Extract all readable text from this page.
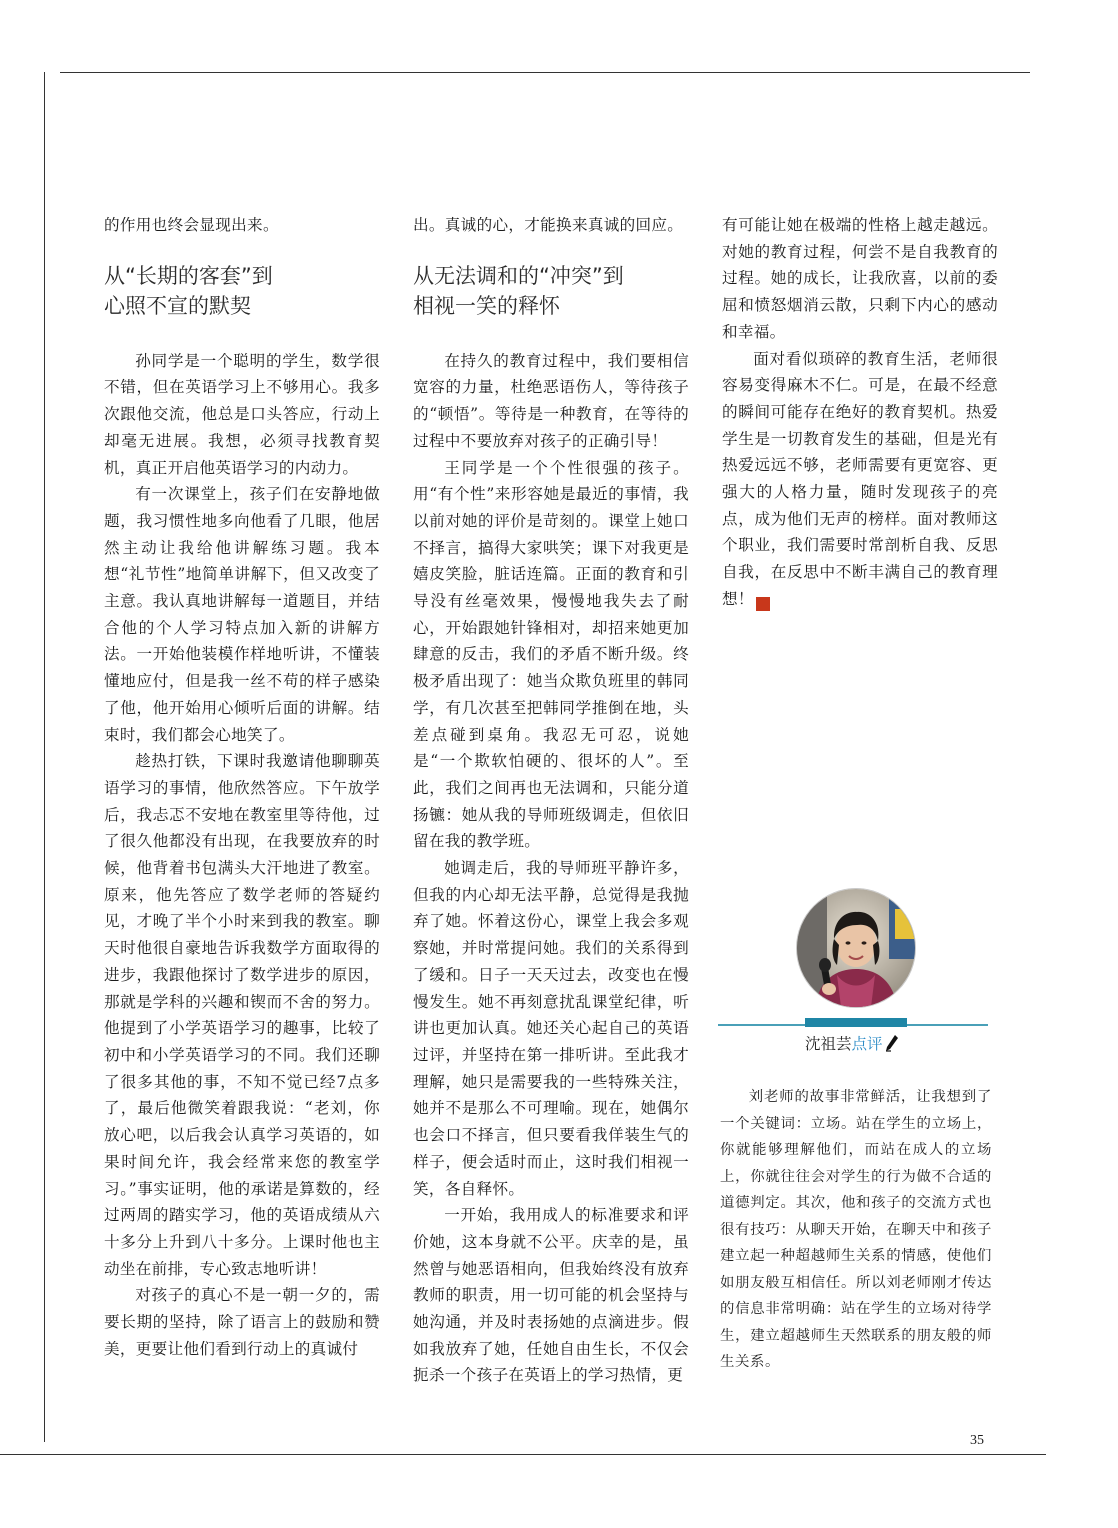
的作用也终会显现出来。

从“长期的客套”到
心照不宣的默契

孙同学是一个聪明的学生，数学很不错，但在英语学习上不够用心。我多次跟他交流，他总是口头答应，行动上却毫无进展。我想，必须寻找教育契机，真正开启他英语学习的内动力。

有一次课堂上，孩子们在安静地做题，我习惯性地多向他看了几眼，他居然主动让我给他讲解练习题。我本想“礼节性”地简单讲解下，但又改变了主意。我认真地讲解每一道题目，并结合他的个人学习特点加入新的讲解方法。一开始他装模作样地听讲，不懂装懂地应付，但是我一丝不苟的样子感染了他，他开始用心倾听后面的讲解。结束时，我们都会心地笑了。

趁热打铁，下课时我邀请他聊聊英语学习的事情，他欣然答应。下午放学后，我忐忑不安地在教室里等待他，过了很久他都没有出现，在我要放弃的时候，他背着书包满头大汗地进了教室。原来，他先答应了数学老师的答疑约见，才晚了半个小时来到我的教室。聊天时他很自豪地告诉我数学方面取得的进步，我跟他探讨了数学进步的原因，那就是学科的兴趣和锲而不舍的努力。他提到了小学英语学习的趣事，比较了初中和小学英语学习的不同。我们还聊了很多其他的事，不知不觉已经7点多了，最后他微笑着跟我说：“老刘，你放心吧，以后我会认真学习英语的，如果时间允许，我会经常来您的教室学习。”事实证明，他的承诺是算数的，经过两周的踏实学习，他的英语成绩从六十多分上升到八十多分。上课时他也主动坐在前排，专心致志地听讲！

对孩子的真心不是一朝一夕的，需要长期的坚持，除了语言上的鼓励和赞美，更要让他们看到行动上的真诚付

出。真诚的心，才能换来真诚的回应。

从无法调和的“冲突”到
相视一笑的释怀

在持久的教育过程中，我们要相信宽容的力量，杜绝恶语伤人，等待孩子的“顿悟”。等待是一种教育，在等待的过程中不要放弃对孩子的正确引导！

王同学是一个个性很强的孩子。用“有个性”来形容她是最近的事情，我以前对她的评价是苛刻的。课堂上她口不择言，搞得大家哄笑；课下对我更是嬉皮笑脸，脏话连篇。正面的教育和引导没有丝毫效果，慢慢地我失去了耐心，开始跟她针锋相对，却招来她更加肆意的反击，我们的矛盾不断升级。终极矛盾出现了：她当众欺负班里的韩同学，有几次甚至把韩同学推倒在地，头差点碰到桌角。我忍无可忍，说她是“一个欺软怕硬的、很坏的人”。至此，我们之间再也无法调和，只能分道扬镳：她从我的导师班级调走，但依旧留在我的教学班。

她调走后，我的导师班平静许多，但我的内心却无法平静，总觉得是我抛弃了她。怀着这份心，课堂上我会多观察她，并时常提问她。我们的关系得到了缓和。日子一天天过去，改变也在慢慢发生。她不再刻意扰乱课堂纪律，听讲也更加认真。她还关心起自己的英语过评，并坚持在第一排听讲。至此我才理解，她只是需要我的一些特殊关注，她并不是那么不可理喻。现在，她偶尔也会口不择言，但只要看我佯装生气的样子，便会适时而止，这时我们相视一笑，各自释怀。

一开始，我用成人的标准要求和评价她，这本身就不公平。庆幸的是，虽然曾与她恶语相向，但我始终没有放弃教师的职责，用一切可能的机会坚持与她沟通，并及时表扬她的点滴进步。假如我放弃了她，任她自由生长，不仅会扼杀一个孩子在英语上的学习热情，更

有可能让她在极端的性格上越走越远。对她的教育过程，何尝不是自我教育的过程。她的成长，让我欣喜，以前的委屈和愤怒烟消云散，只剩下内心的感动和幸福。

面对看似琐碎的教育生活，老师很容易变得麻木不仁。可是，在最不经意的瞬间可能存在绝好的教育契机。热爱学生是一切教育发生的基础，但是光有热爱远远不够，老师需要有更宽容、更强大的人格力量，随时发现孩子的亮点，成为他们无声的榜样。面对教师这个职业，我们需要时常剖析自我、反思自我，在反思中不断丰满自己的教育理想！	冢

沈祖芸点评

刘老师的故事非常鲜活，让我想到了一个关键词：立场。站在学生的立场上，你就能够理解他们，而站在成人的立场上，你就往往会对学生的行为做不合适的道德判定。其次，他和孩子的交流方式也很有技巧：从聊天开始，在聊天中和孩子建立起一种超越师生关系的情感，使他们如朋友般互相信任。所以刘老师刚才传达的信息非常明确：站在学生的立场对待学生，建立超越师生天然联系的朋友般的师生关系。

35
